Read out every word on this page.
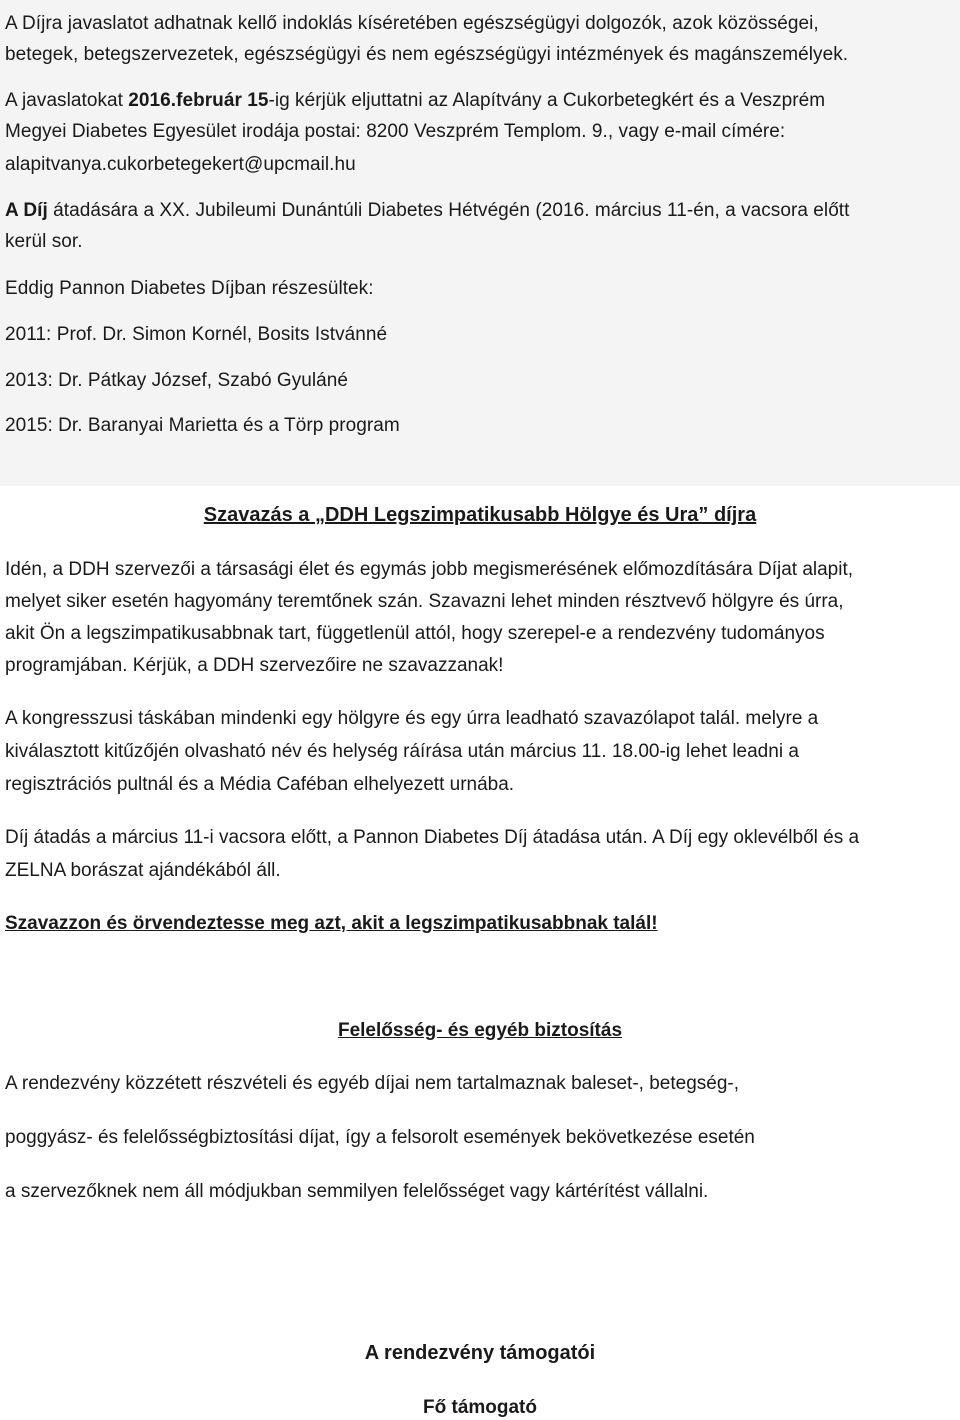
A Díjra javaslatot adhatnak kellő indoklás kíséretében egészségügyi dolgozók, azok közösségei,
betegek, betegszervezetek, egészségügyi és nem egészségügyi intézmények és magánszemélyek.
A javaslatokat 2016.február 15-ig kérjük eljuttatni az Alapítvány a Cukorbetegkért és a Veszprém
Megyei Diabetes Egyesület irodája postai: 8200 Veszprém Templom. 9., vagy e-mail címére:
alapitvanya.cukorbetegekert@upcmail.hu
A Díj átadására a XX. Jubileumi Dunántúli Diabetes Hétvégén (2016. március 11-én, a vacsora előtt
kerül sor.
Eddig Pannon Diabetes Díjban részesültek:
2011: Prof. Dr. Simon Kornél, Bosits Istvánné
2013: Dr. Pátkay József, Szabó Gyuláné
2015: Dr. Baranyai Marietta és a Törp program
Szavazás a „DDH Legszimpatikusabb Hölgye és Ura” díjra
Idén, a DDH szervezői a társasági élet és egymás jobb megismerésének előmozdítására Díjat alapit,
melyet siker esetén hagyomány teremtőnek szán. Szavazni lehet minden résztvevő hölgyre és úrra,
akit Ön a legszimpatikusabbnak tart, függetlenül attól, hogy szerepel-e a rendezvény tudományos
programjában. Kérjük, a DDH szervezőire ne szavazzanak!
A kongresszusi táskában mindenki egy hölgyre és egy úrra leadható szavazólapot talál. melyre a
kiválasztott kitűzőjén olvasható név és helység ráírása után március 11. 18.00-ig lehet leadni a
regisztrációs pultnál és a Média Caféban elhelyezett urnába.
Díj átadás a március 11-i vacsora előtt, a Pannon Diabetes Díj átadása után. A Díj egy oklevélből és a
ZELNA borászat ajándékából áll.
Szavazzon és örvendeztesse meg azt, akit a legszimpatikusabbnak talál!
Felelősség- és egyéb biztosítás
A rendezvény közzétett részvételi és egyéb díjai nem tartalmaznak baleset-, betegség-,
poggyász- és felelősségbiztosítási díjat, így a felsorolt események bekövetkezése esetén
a szervezőknek nem áll módjukban semmilyen felelősséget vagy kártérítést vállalni.
A rendezvény támogatói
Fő támogató
